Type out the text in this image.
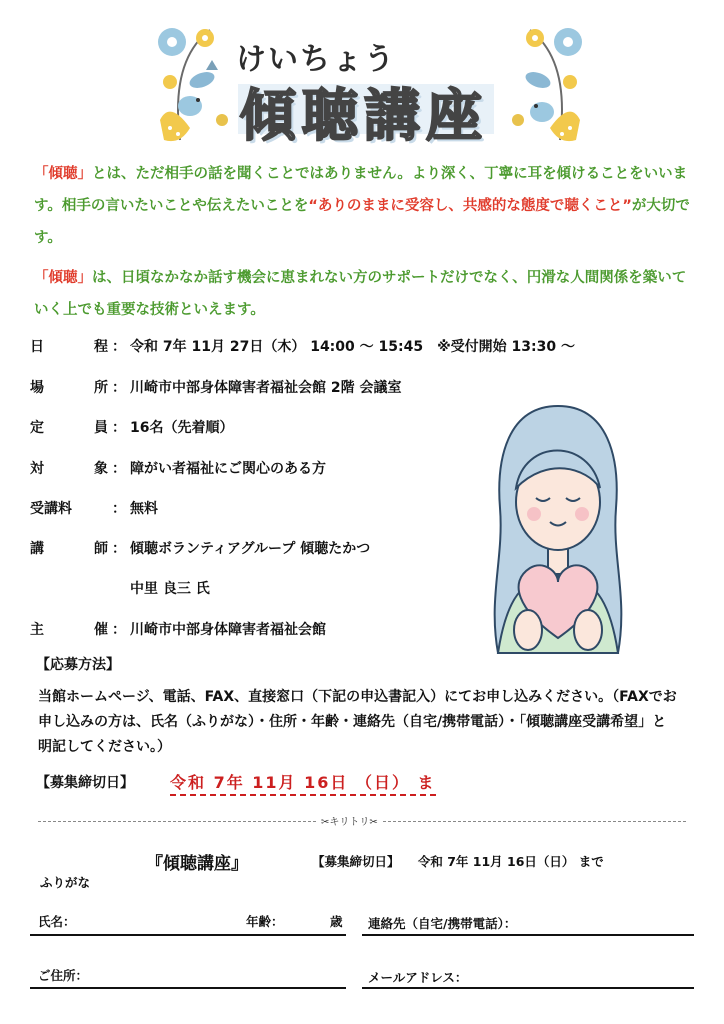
けいちょう
傾聴講座
「傾聴」とは、ただ相手の話を聞くことではありません。より深く、丁寧に耳を傾けることをいいます。相手の言いたいことや伝えたいことを“ありのままに受容し、共感的な態度で聴くこと”が大切です。
「傾聴」は、日頃なかなか話す機会に恵まれない方のサポートだけでなく、円滑な人間関係を築いていく上でも重要な技術といえます。
日	程 ： 令和 7年 11月 27日（木） 14:00 ～ 15:45　※受付開始 13:30 ～
場	所 ： 川崎市中部身体障害者福祉会館 2階 会議室
定	員 ： 16名（先着順）
対	象 ： 障がい者福祉にご関心のある方
受講料	： 無料
講	師 ： 傾聴ボランティアグループ 傾聴たかつ
中里 良三 氏
主	催 ： 川崎市中部身体障害者福祉会館
【応募方法】
当館ホームページ、電話、FAX、直接窓口（下記の申込書記入）にてお申し込みください。（FAXでお申し込みの方は、氏名（ふりがな）・住所・年齢・連絡先（自宅/携帯電話）・「傾聴講座受講希望」と明記してください。）
【募集締切日】 令和 7年 11月 16日 （日） ま
✂キリトリ✂
『傾聴講座』	【募集締切日】 令和 7年 11月 16日（日） まで
ふりがな
氏名：	年齢：	歳 連絡先（自宅/携帯電話）：
ご住所：	メールアドレス：
